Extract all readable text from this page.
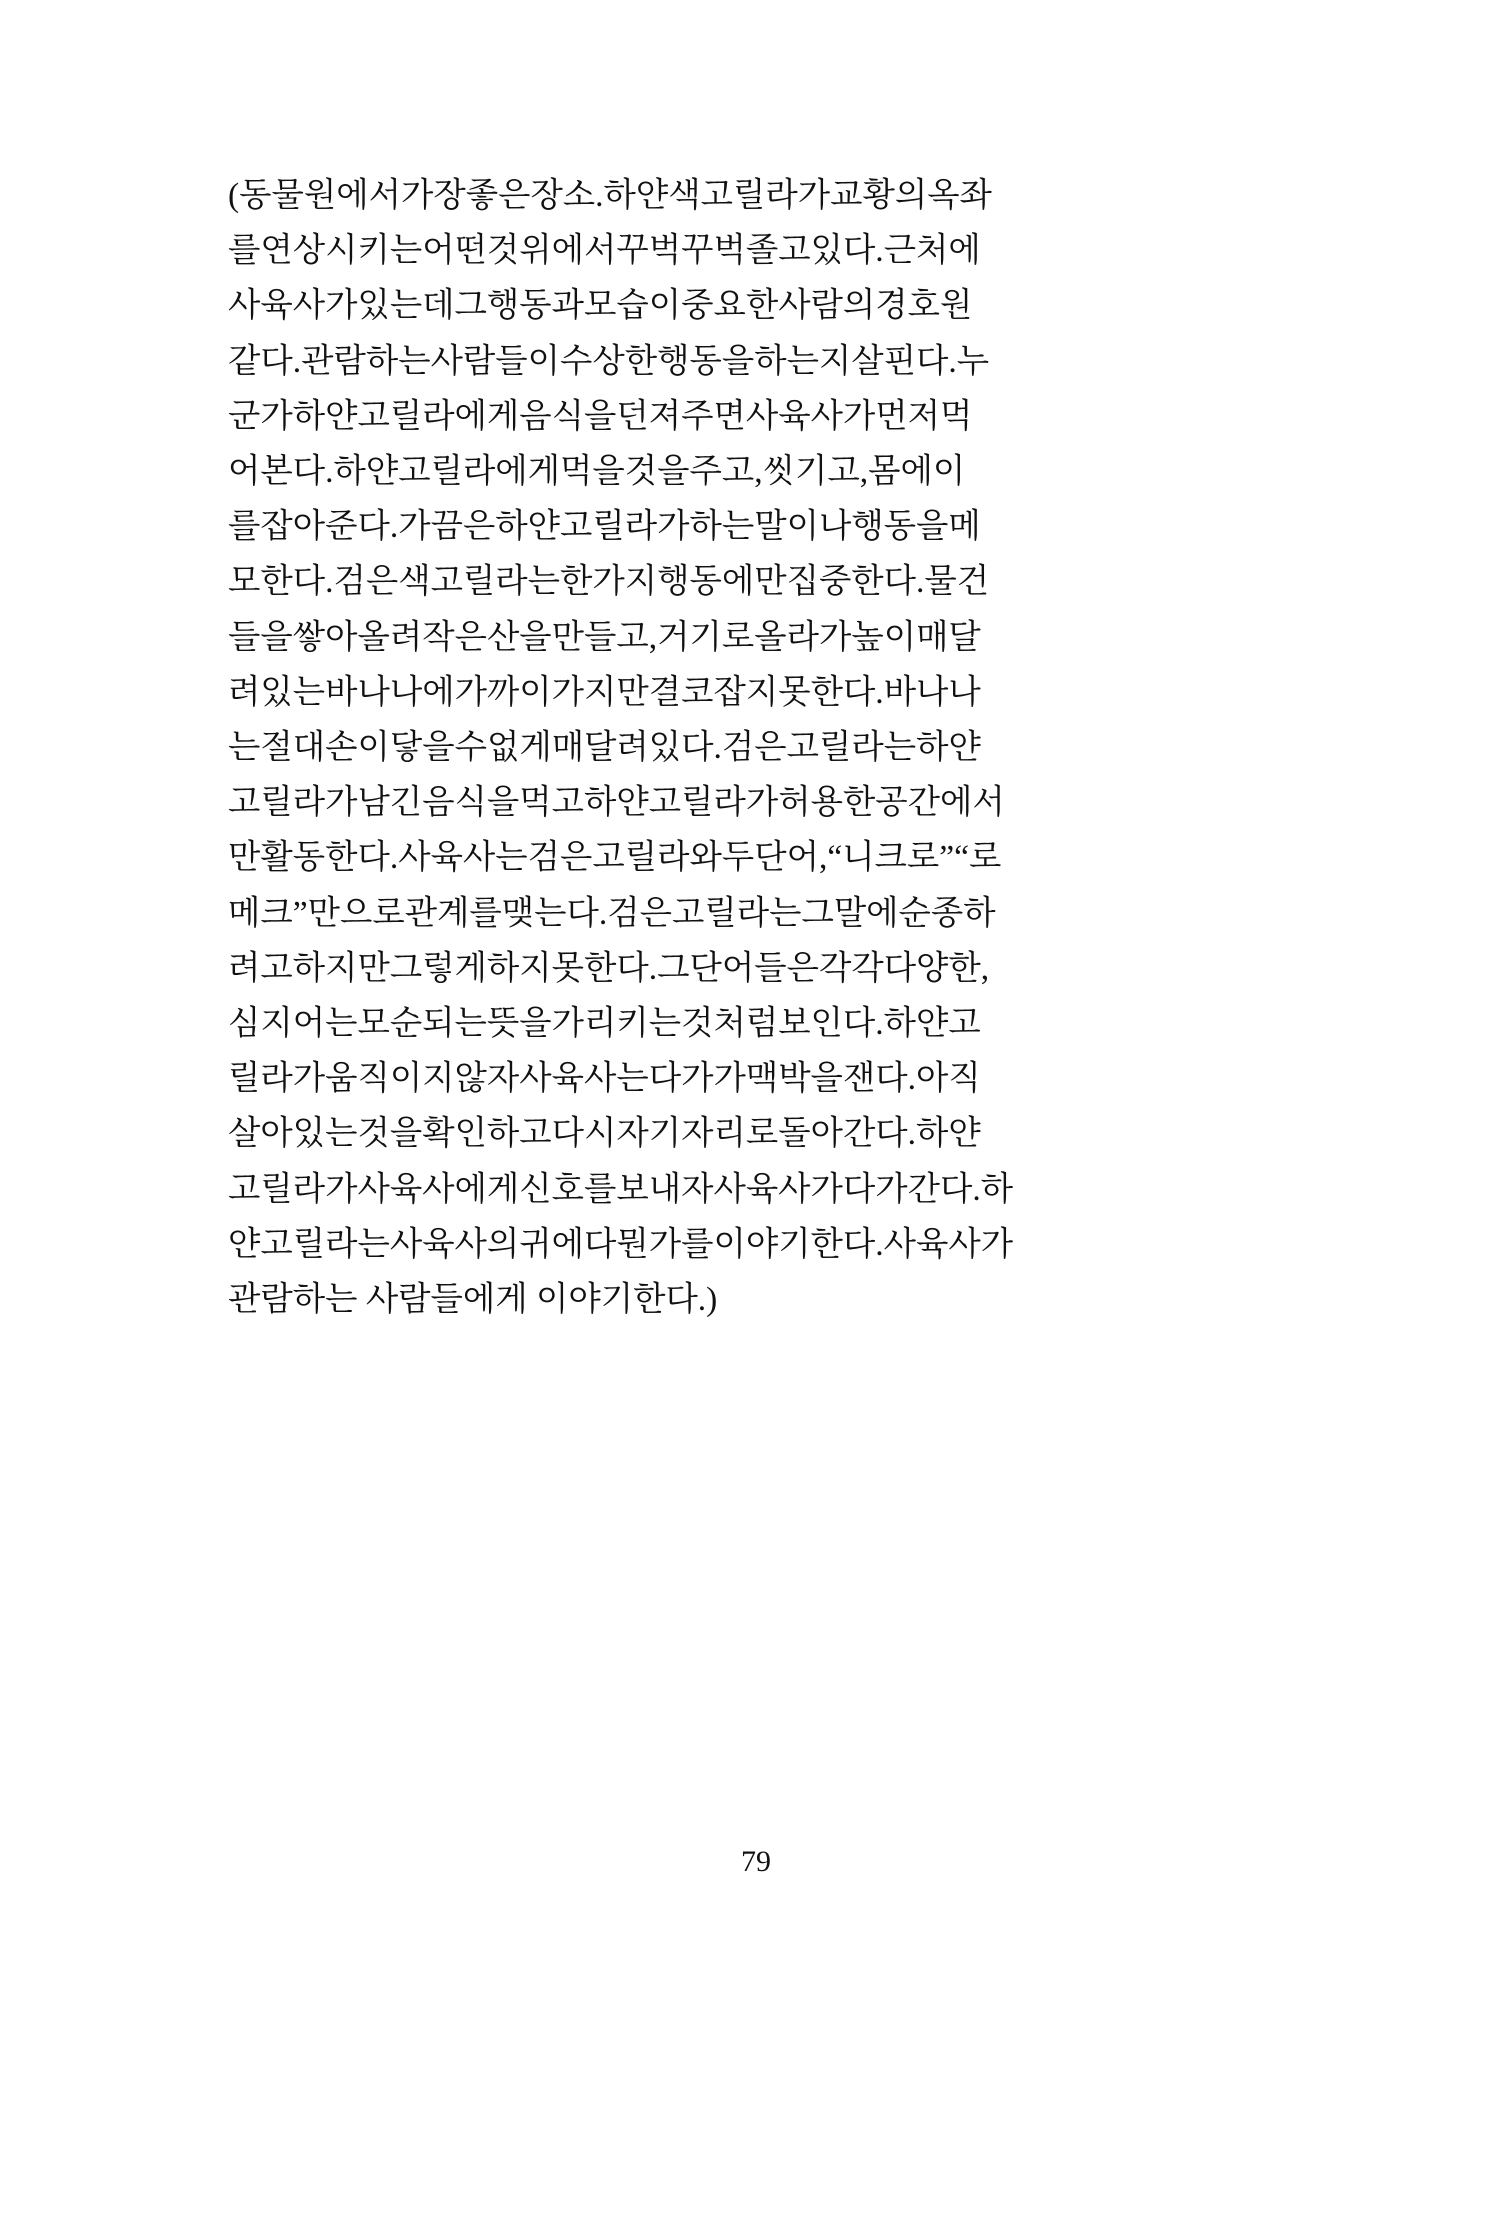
(동물원에서 가장 좋은 장소. 하얀색 고릴라가 교황의 옥좌
를 연상시키는 어떤 것 위에서 꾸벅꾸벅 졸고 있다. 근처에
사육사가 있는데 그 행동과 모습이 중요한 사람의 경호원
같다. 관람하는 사람들이 수상한 행동을 하는지 살핀다. 누
군가 하얀 고릴라에게 음식을 던져 주면 사육사가 먼저 먹
어 본다. 하얀 고릴라에게 먹을 것을 주고, 씻기고, 몸에 이
를 잡아 준다. 가끔은 하얀 고릴라가 하는 말이나 행동을 메
모한다. 검은색 고릴라는 한 가지 행동에만 집중한다. 물건
들을 쌓아 올려 작은 산을 만들고, 거기로 올라가 높이 매달
려 있는 바나나에 가까이 가지만 결코 잡지 못한다. 바나나
는 절대 손이 닿을 수 없게 매달려 있다. 검은 고릴라는 하얀
고릴라가 남긴 음식을 먹고 하얀 고릴라가 허용한 공간에서
만 활동한다. 사육사는 검은 고릴라와 두 단어, “니크로” “로
메크”만으로 관계를 맺는다. 검은 고릴라는 그 말에 순종하
려고 하지만 그렇게 하지 못한다. 그 단어들은 각각 다양한,
심지어는 모순되는 뜻을 가리키는 것처럼 보인다. 하얀 고
릴라가 움직이지 않자 사육사는 다가가 맥박을 잰다. 아직
살아 있는 것을 확인하고 다시 자기 자리로 돌아간다. 하얀
고릴라가 사육사에게 신호를 보내자 사육사가 다가간다. 하
얀 고릴라는 사육사의 귀에다 뭔가를 이야기한다. 사육사가
관람하는 사람들에게 이야기한다.)
79
